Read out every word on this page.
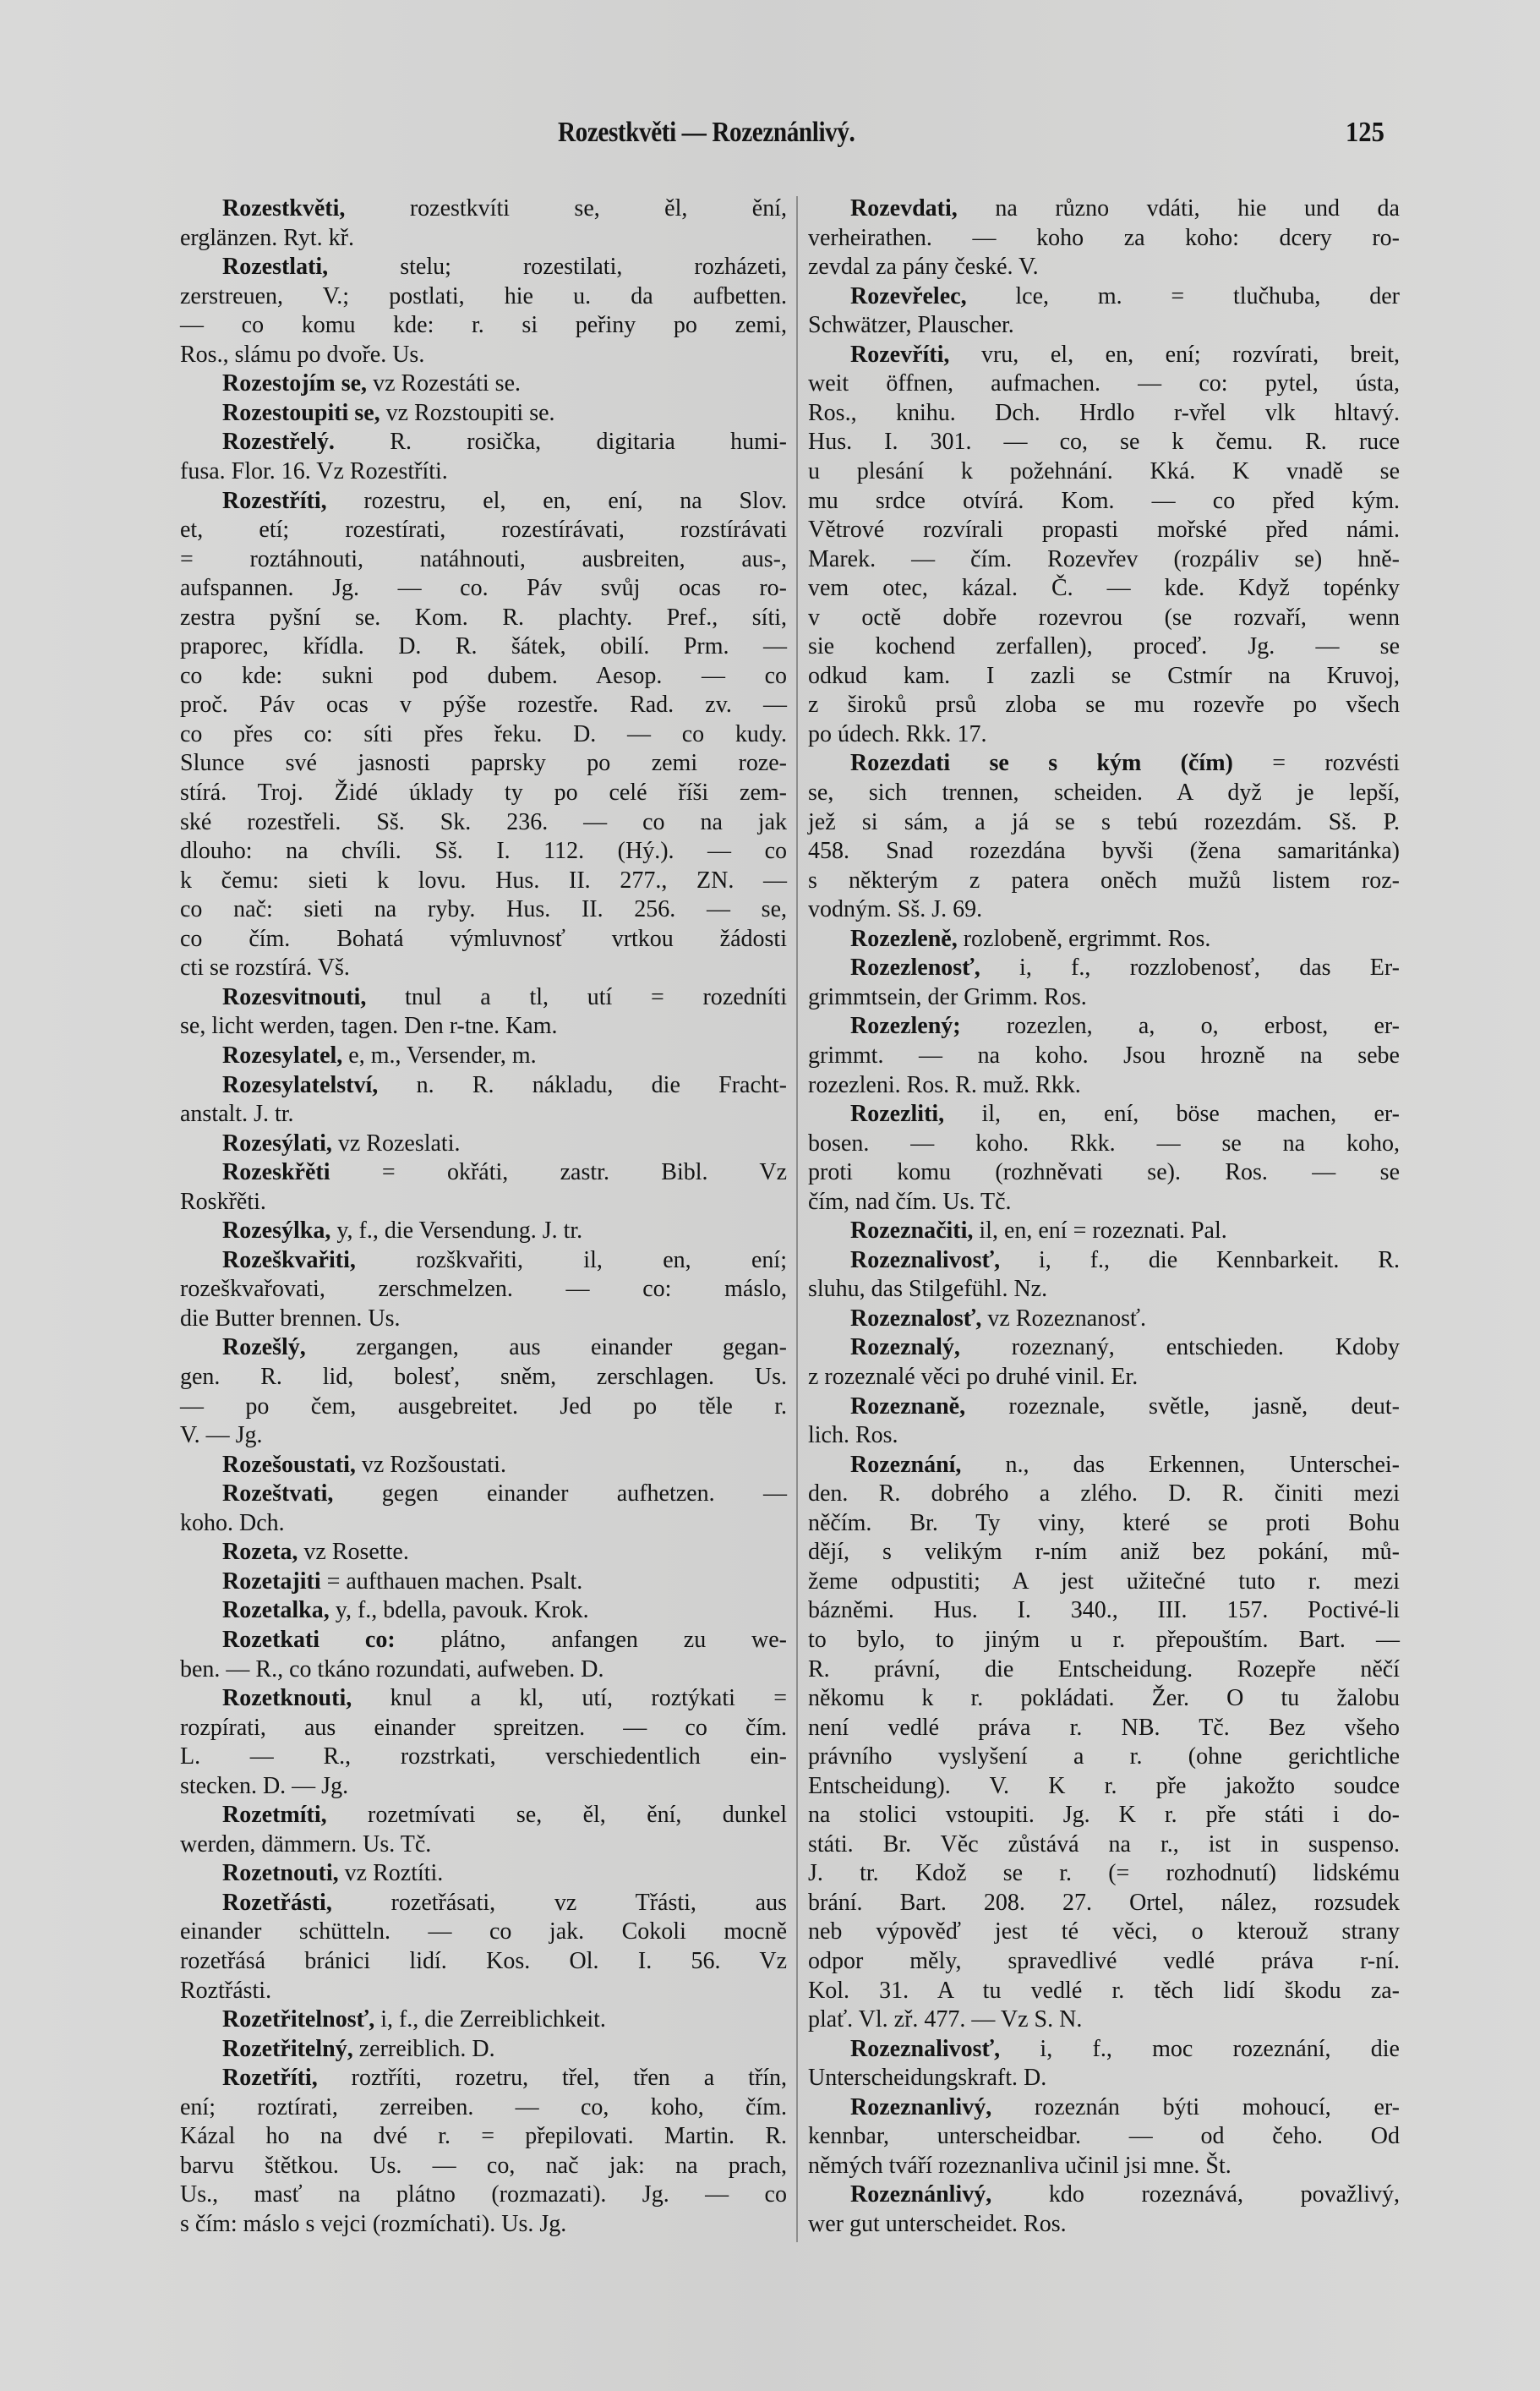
Rozestkvěti — Rozeznánlivý.	125
Rozestkvěti, rozestkvíti se, ěl, ění,
erglänzen. Ryt. kř.
Rozestlati, stelu; rozestilati, rozházeti,
zerstreuen, V.; postlati, hie u. da aufbetten.
— co komu kde: r. si peřiny po zemi,
Ros., slámu po dvoře. Us.
Rozestojím se, vz Rozestáti se.
Rozestoupiti se, vz Rozstoupiti se.
Rozestřelý. R. rosička, digitaria humi-
fusa. Flor. 16. Vz Rozestříti.
Rozestříti, rozestru, el, en, ení, na Slov.
et, etí; rozestírati, rozestírávati, rozstírávati
= roztáhnouti, natáhnouti, ausbreiten, aus-,
aufspannen. Jg. — co. Páv svůj ocas ro-
zestra pyšní se. Kom. R. plachty. Pref., síti,
praporec, křídla. D. R. šátek, obilí. Prm. —
co kde: sukni pod dubem. Aesop. — co
proč. Páv ocas v pýše rozestře. Rad. zv. —
co přes co: síti přes řeku. D. — co kudy.
Slunce své jasnosti paprsky po zemi roze-
stírá. Troj. Židé úklady ty po celé říši zem-
ské rozestřeli. Sš. Sk. 236. — co na jak
dlouho: na chvíli. Sš. I. 112. (Hý.). — co
k čemu: sieti k lovu. Hus. II. 277., ZN. —
co nač: sieti na ryby. Hus. II. 256. — se,
co čím. Bohatá výmluvnosť vrtkou žádosti
cti se rozstírá. Vš.
Rozesvitnouti, tnul a tl, utí = rozedníti
se, licht werden, tagen. Den r-tne. Kam.
Rozesylatel, e, m., Versender, m.
Rozesylatelství, n. R. nákladu, die Fracht-
anstalt. J. tr.
Rozesýlati, vz Rozeslati.
Rozeskřěti = okřáti, zastr. Bibl. Vz
Roskřěti.
Rozesýlka, y, f., die Versendung. J. tr.
Rozeškvařiti, rozškvařiti, il, en, ení;
rozeškvařovati, zerschmelzen. — co: máslo,
die Butter brennen. Us.
Rozešlý, zergangen, aus einander gegan-
gen. R. lid, bolesť, sněm, zerschlagen. Us.
— po čem, ausgebreitet. Jed po těle r.
V. — Jg.
Rozešoustati, vz Rozšoustati.
Rozeštvati, gegen einander aufhetzen. —
koho. Dch.
Rozeta, vz Rosette.
Rozetajiti = aufthauen machen. Psalt.
Rozetalka, y, f., bdella, pavouk. Krok.
Rozetkati co: plátno, anfangen zu we-
ben. — R., co tkáno rozundati, aufweben. D.
Rozetknouti, knul a kl, utí, roztýkati =
rozpírati, aus einander spreitzen. — co čím.
L. — R., rozstrkati, verschiedentlich ein-
stecken. D. — Jg.
Rozetmíti, rozetmívati se, ěl, ění, dunkel
werden, dämmern. Us. Tč.
Rozetnouti, vz Roztíti.
Rozetřásti, rozetřásati, vz Třásti, aus
einander schütteln. — co jak. Cokoli mocně
rozetřásá bránici lidí. Kos. Ol. I. 56. Vz
Roztřásti.
Rozetřitelnosť, i, f., die Zerreiblichkeit.
Rozetřitelný, zerreiblich. D.
Rozetříti, roztříti, rozetru, třel, třen a třín,
ení; roztírati, zerreiben. — co, koho, čím.
Kázal ho na dvé r. = přepilovati. Martin. R.
barvu štětkou. Us. — co, nač jak: na prach,
Us., masť na plátno (rozmazati). Jg. — co
s čím: máslo s vejci (rozmíchati). Us. Jg.
Rozevdati, na různo vdáti, hie und da
verheirathen. — koho za koho: dcery ro-
zevdal za pány české. V.
Rozevřelec, lce, m. = tlučhuba, der
Schwätzer, Plauscher.
Rozevříti, vru, el, en, ení; rozvírati, breit,
weit öffnen, aufmachen. — co: pytel, ústa,
Ros., knihu. Dch. Hrdlo r-vřel vlk hltavý.
Hus. I. 301. — co, se k čemu. R. ruce
u plesání k požehnání. Kká. K vnadě se
mu srdce otvírá. Kom. — co před kým.
Větrové rozvírali propasti mořské před námi.
Marek. — čím. Rozevřev (rozpáliv se) hně-
vem otec, kázal. Č. — kde. Když topénky
v octě dobře rozevrou (se rozvaří, wenn
sie kochend zerfallen), proceď. Jg. — se
odkud kam. I zazli se Cstmír na Kruvoj,
z široků prsů zloba se mu rozevře po všech
po údech. Rkk. 17.
Rozezdati se s kým (čím) = rozvésti
se, sich trennen, scheiden. A dyž je lepší,
jež si sám, a já se s tebú rozezdám. Sš. P.
458. Snad rozezdána byvši (žena samaritánka)
s některým z patera oněch mužů listem roz-
vodným. Sš. J. 69.
Rozezleně, rozlobeně, ergrimmt. Ros.
Rozezlenosť, i, f., rozzlobenosť, das Er-
grimmtsein, der Grimm. Ros.
Rozezlený; rozezlen, a, o, erbost, er-
grimmt. — na koho. Jsou hrozně na sebe
rozezleni. Ros. R. muž. Rkk.
Rozezliti, il, en, ení, böse machen, er-
bosen. — koho. Rkk. — se na koho,
proti komu (rozhněvati se). Ros. — se
čím, nad čím. Us. Tč.
Rozeznačiti, il, en, ení = rozeznati. Pal.
Rozeznalivosť, i, f., die Kennbarkeit. R.
sluhu, das Stilgefühl. Nz.
Rozeznalosť, vz Rozeznanosť.
Rozeznalý, rozeznaný, entschieden. Kdoby
z rozeznalé věci po druhé vinil. Er.
Rozeznaně, rozeznale, světle, jasně, deut-
lich. Ros.
Rozeznání, n., das Erkennen, Unterschei-
den. R. dobrého a zlého. D. R. činiti mezi
něčím. Br. Ty viny, které se proti Bohu
dějí, s velikým r-ním aniž bez pokání, mů-
žeme odpustiti; A jest užitečné tuto r. mezi
bázněmi. Hus. I. 340., III. 157. Poctivé-li
to bylo, to jiným u r. přepouštím. Bart. —
R. právní, die Entscheidung. Rozepře něčí
někomu k r. pokládati. Žer. O tu žalobu
není vedlé práva r. NB. Tč. Bez všeho
právního vyslyšení a r. (ohne gerichtliche
Entscheidung). V. K r. pře jakožto soudce
na stolici vstoupiti. Jg. K r. pře státi i do-
státi. Br. Věc zůstává na r., ist in suspenso.
J. tr. Kdož se r. (= rozhodnutí) lidskému
brání. Bart. 208. 27. Ortel, nález, rozsudek
neb výpověď jest té věci, o kterouž strany
odpor měly, spravedlivé vedlé práva r-ní.
Kol. 31. A tu vedlé r. těch lidí škodu za-
plať. Vl. zř. 477. — Vz S. N.
Rozeznalivosť, i, f., moc rozeznání, die
Unterscheidungskraft. D.
Rozeznanlivý, rozeznán býti mohoucí, er-
kennbar, unterscheidbar. — od čeho. Od
němých tváří rozeznanliva učinil jsi mne. Št.
Rozeznánlivý, kdo rozeznává, považlivý,
wer gut unterscheidet. Ros.
